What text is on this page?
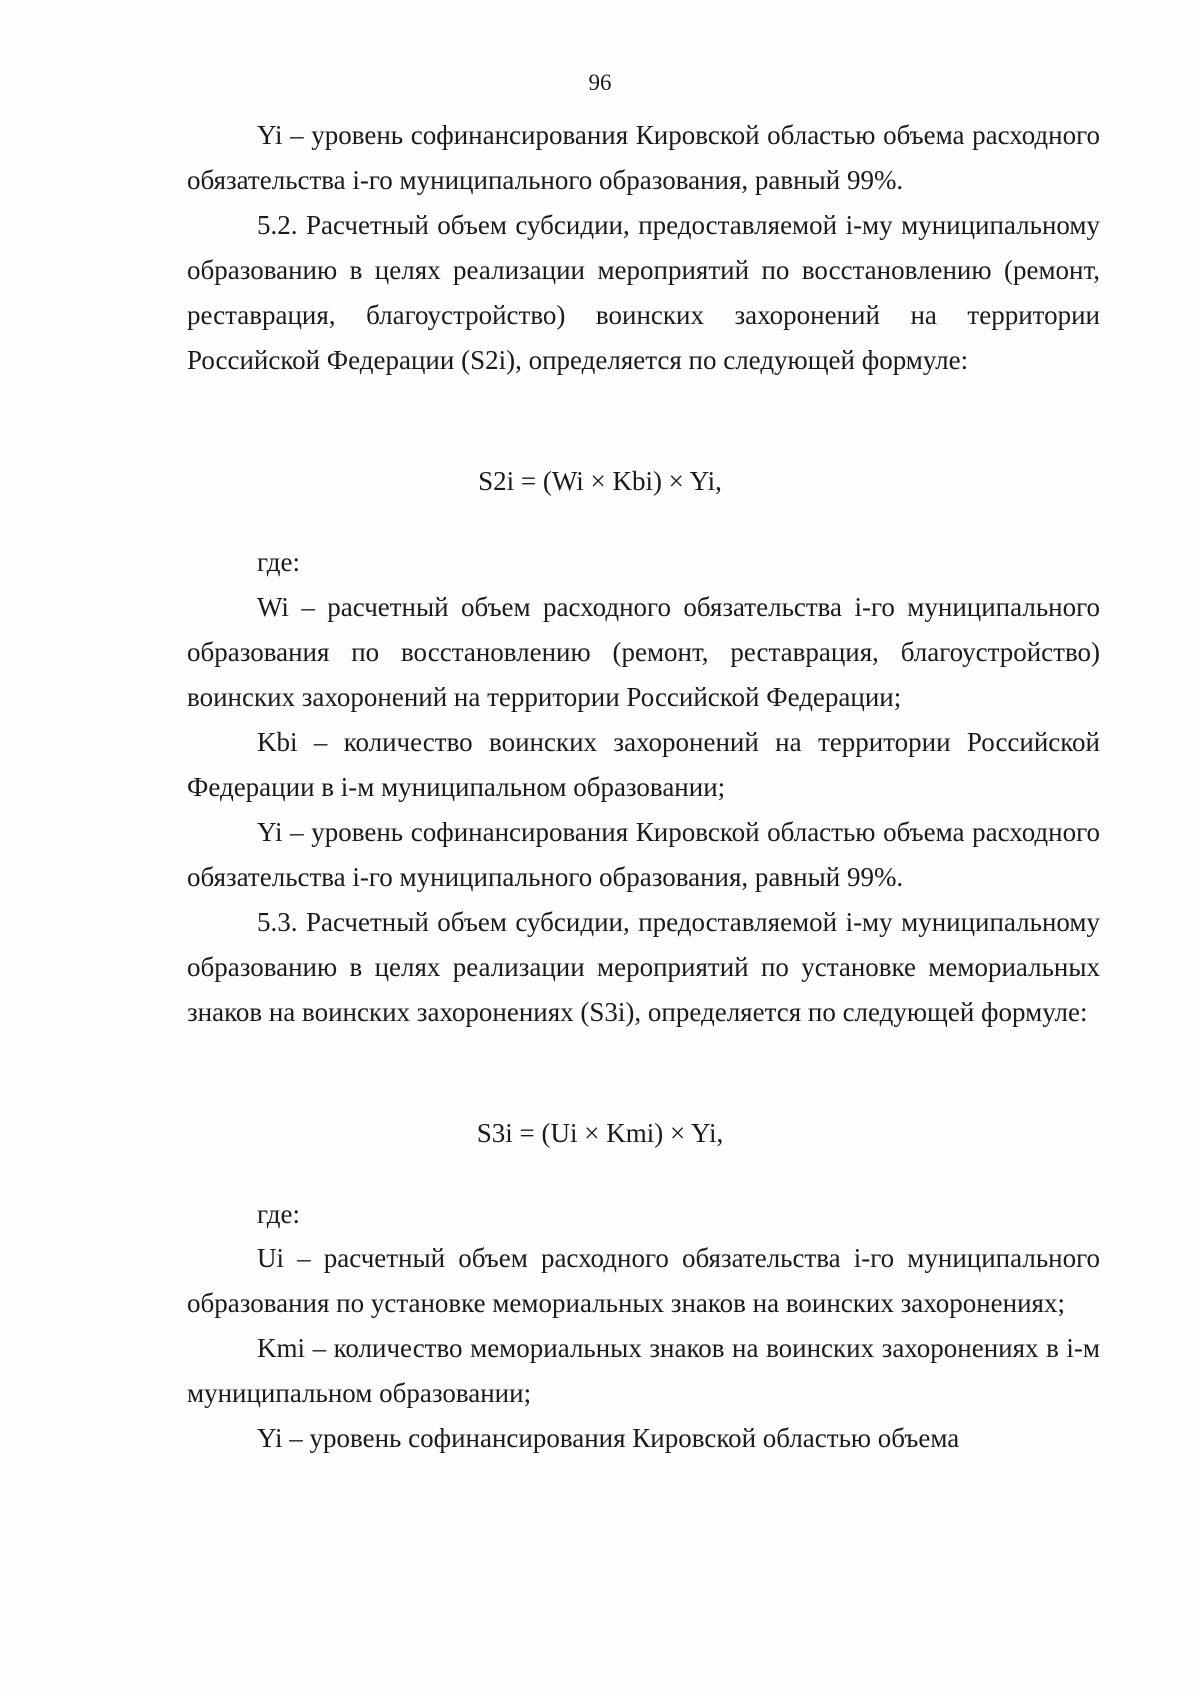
96

Yi – уровень софинансирования Кировской областью объема расходного обязательства i-го муниципального образования, равный 99%.

5.2. Расчетный объем субсидии, предоставляемой i-му муниципальному образованию в целях реализации мероприятий по восстановлению (ремонт, реставрация, благоустройство) воинских захоронений на территории Российской Федерации (S2i), определяется по следующей формуле:

S2i = (Wi × Kbi) × Yi,
где:

Wi – расчетный объем расходного обязательства i-го муниципального образования по восстановлению (ремонт, реставрация, благоустройство) воинских захоронений на территории Российской Федерации;

Kbi – количество воинских захоронений на территории Российской Федерации в i-м муниципальном образовании;

Yi – уровень софинансирования Кировской областью объема расходного обязательства i-го муниципального образования, равный 99%.

5.3. Расчетный объем субсидии, предоставляемой i-му муниципальному образованию в целях реализации мероприятий по установке мемориальных знаков на воинских захоронениях (S3i), определяется по следующей формуле:

S3i = (Ui × Kmi) × Yi,
где:

Ui – расчетный объем расходного обязательства i-го муниципального образования по установке мемориальных знаков на воинских захоронениях;

Kmi – количество мемориальных знаков на воинских захоронениях в i-м муниципальном образовании;

Yi – уровень софинансирования Кировской областью объема
